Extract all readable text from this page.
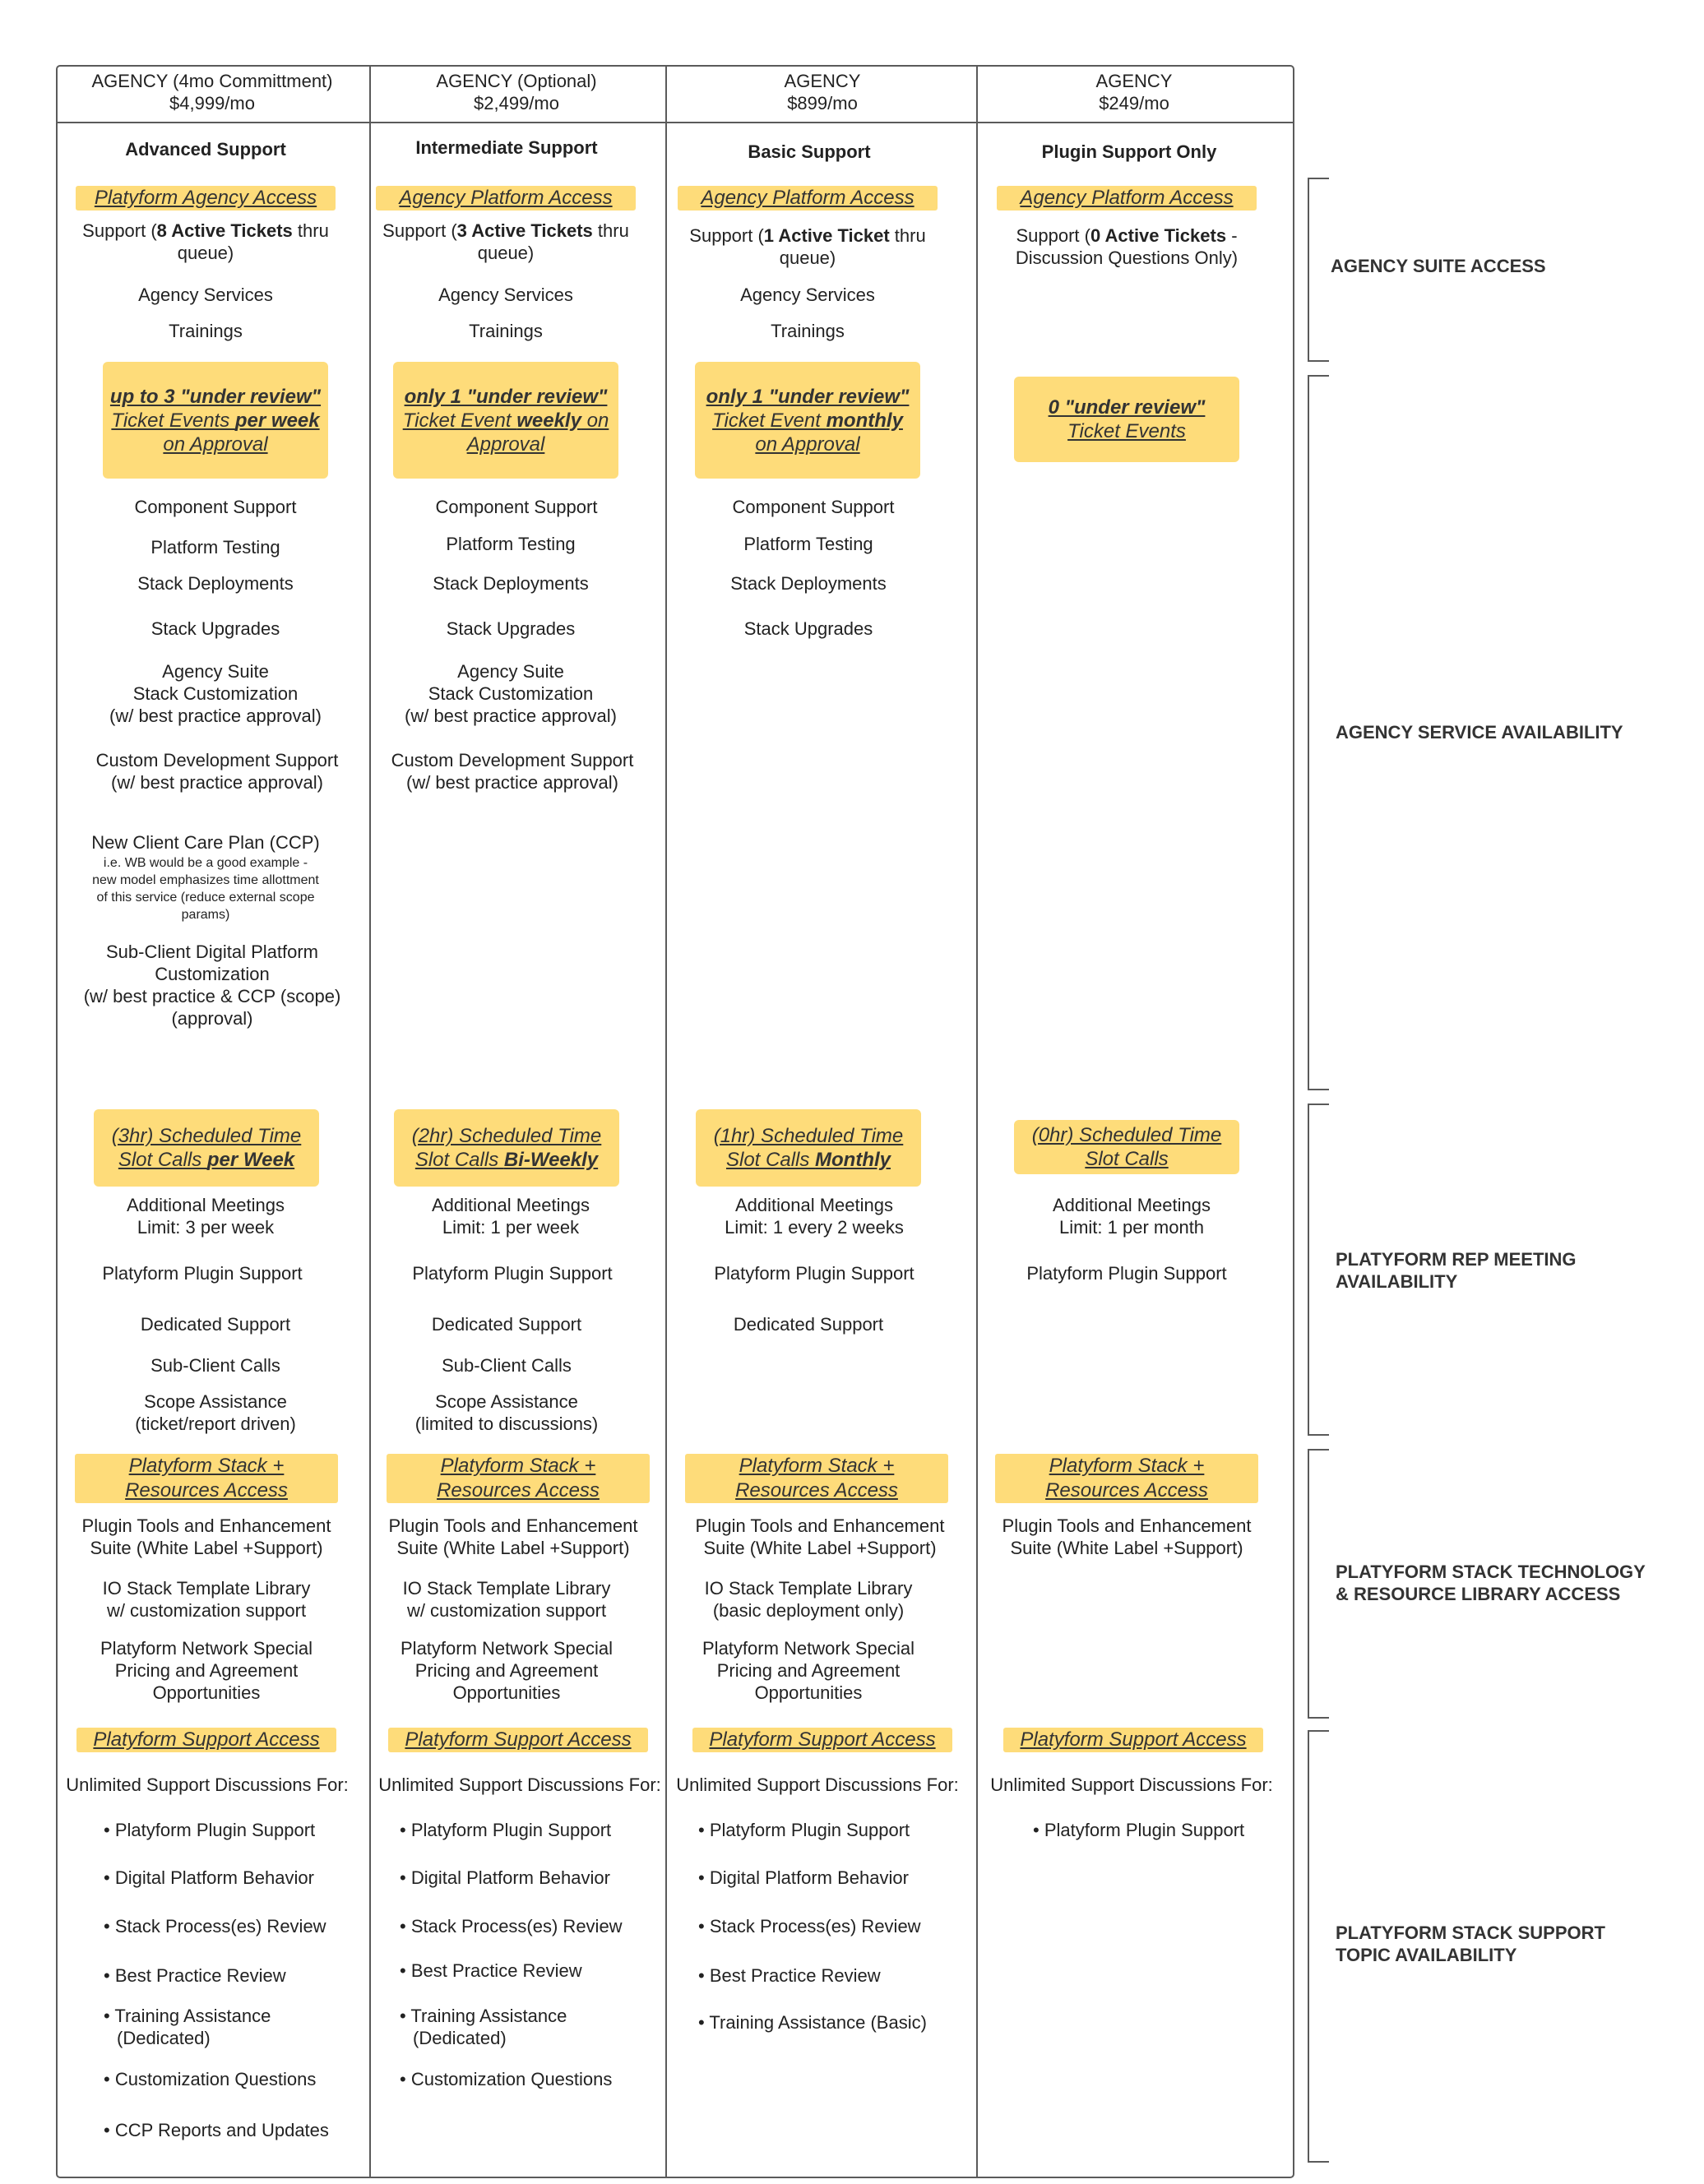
AGENCY (4mo Committment)
$4,999/mo
Advanced Support
Platyform Agency Access
Support (8 Active Tickets thru
queue)
Agency Services
Trainings
up to 3 "under review"
Ticket Events per week
on Approval
Component Support
Platform Testing
Stack Deployments
Stack Upgrades
Agency Suite
Stack Customization
(w/ best practice approval)
Custom Development Support
(w/ best practice approval)
New Client Care Plan (CCP)
i.e. WB would be a good example -
new model emphasizes time allottment
of this service (reduce external scope
params)
Sub-Client Digital Platform
Customization
(w/ best practice & CCP (scope)
(approval)
(3hr) Scheduled Time
Slot Calls per Week
Additional Meetings
Limit: 3 per week
Platyform Plugin Support
Dedicated Support
Sub-Client Calls
Scope Assistance
(ticket/report driven)
Platyform Stack +
Resources Access
Plugin Tools and Enhancement
Suite (White Label +Support)
IO Stack Template Library
w/ customization support
Platyform Network Special
Pricing and Agreement
Opportunities
Platyform Support Access
Unlimited Support Discussions For:
• Platyform Plugin Support
• Digital Platform Behavior
• Stack Process(es) Review
• Best Practice Review
• Training Assistance
(Dedicated)
• Customization Questions
• CCP Reports and Updates
AGENCY (Optional)
$2,499/mo
Intermediate Support
Agency Platform Access
Support (3 Active Tickets thru
queue)
Agency Services
Trainings
only 1 "under review"
Ticket Event weekly on
Approval
Component Support
Platform Testing
Stack Deployments
Stack Upgrades
Agency Suite
Stack Customization
(w/ best practice approval)
Custom Development Support
(w/ best practice approval)
(2hr) Scheduled Time
Slot Calls Bi-Weekly
Additional Meetings
Limit: 1 per week
Platyform Plugin Support
Dedicated Support
Sub-Client Calls
Scope Assistance
(limited to discussions)
Platyform Stack +
Resources Access
Plugin Tools and Enhancement
Suite (White Label +Support)
IO Stack Template Library
w/ customization support
Platyform Network Special
Pricing and Agreement
Opportunities
Platyform Support Access
Unlimited Support Discussions For:
• Platyform Plugin Support
• Digital Platform Behavior
• Stack Process(es) Review
• Best Practice Review
• Training Assistance
(Dedicated)
• Customization Questions
AGENCY
$899/mo
Basic Support
Agency Platform Access
Support (1 Active Ticket thru
queue)
Agency Services
Trainings
only 1 "under review"
Ticket Event monthly
on Approval
Component Support
Platform Testing
Stack Deployments
Stack Upgrades
(1hr) Scheduled Time
Slot Calls Monthly
Additional Meetings
Limit: 1 every 2 weeks
Platyform Plugin Support
Dedicated Support
Platyform Stack +
Resources Access
Plugin Tools and Enhancement
Suite (White Label +Support)
IO Stack Template Library
(basic deployment only)
Platyform Network Special
Pricing and Agreement
Opportunities
Platyform Support Access
Unlimited Support Discussions For:
• Platyform Plugin Support
• Digital Platform Behavior
• Stack Process(es) Review
• Best Practice Review
• Training Assistance (Basic)
AGENCY
$249/mo
Plugin Support Only
Agency Platform Access
Support (0 Active Tickets -
Discussion Questions Only)
0 "under review"
Ticket Events
(0hr) Scheduled Time
Slot Calls
Additional Meetings
Limit: 1 per month
Platyform Plugin Support
Platyform Stack +
Resources Access
Plugin Tools and Enhancement
Suite (White Label +Support)
Platyform Support Access
Unlimited Support Discussions For:
• Platyform Plugin Support
AGENCY SUITE ACCESS
AGENCY SERVICE AVAILABILITY
PLATYFORM REP MEETING
AVAILABILITY
PLATYFORM STACK TECHNOLOGY
& RESOURCE LIBRARY ACCESS
PLATYFORM STACK SUPPORT
TOPIC AVAILABILITY
